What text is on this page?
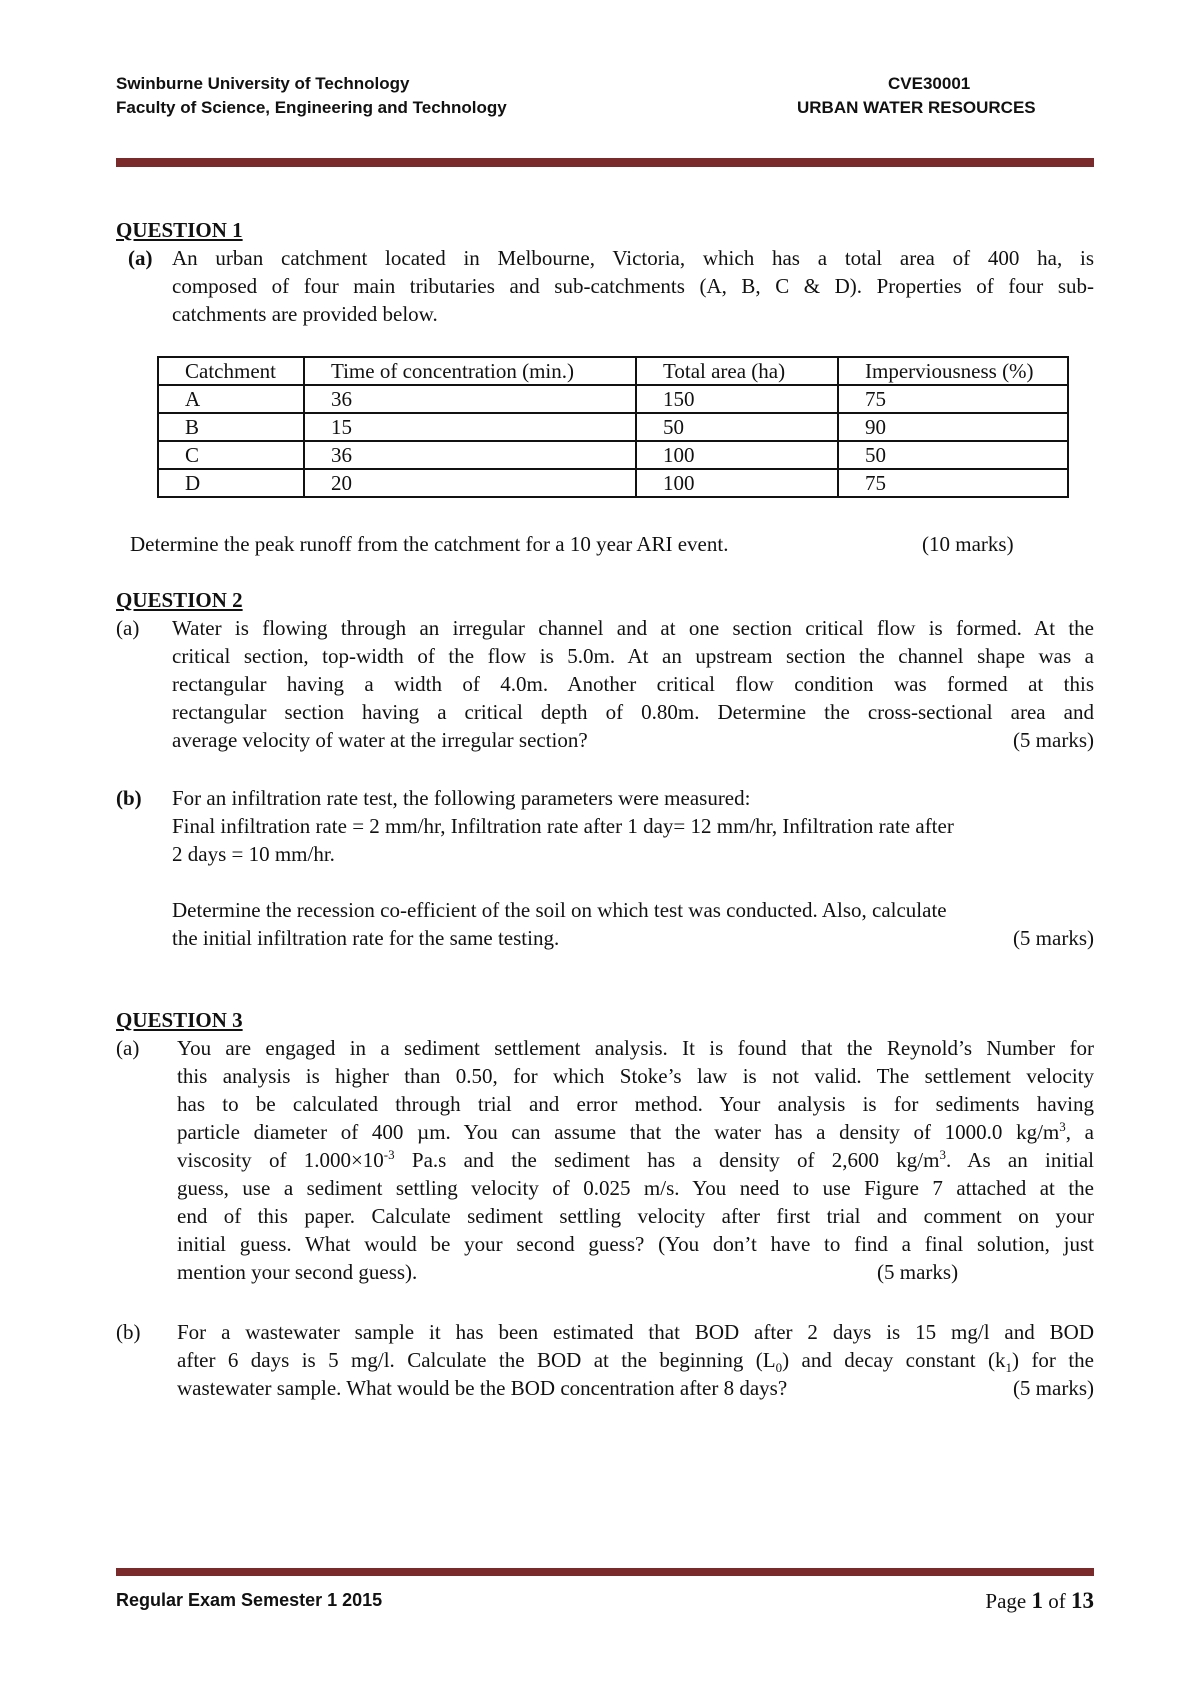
Swinburne University of Technology
Faculty of Science, Engineering and Technology
CVE30001
URBAN WATER RESOURCES
QUESTION 1
(a) An urban catchment located in Melbourne, Victoria, which has a total area of 400 ha, is
composed of four main tributaries and sub-catchments (A, B, C & D). Properties of four sub-
catchments are provided below.
Catchment	Time of concentration (min.)	Total area (ha)	Imperviousness (%)
A	36	150	75
B	15	50	90
C	36	100	50
D	20	100	75
Determine the peak runoff from the catchment for a 10 year ARI event.	(10 marks)
QUESTION 2
(a) Water is flowing through an irregular channel and at one section critical flow is formed. At the
critical section, top-width of the flow is 5.0m. At an upstream section the channel shape was a
rectangular having a width of 4.0m. Another critical flow condition was formed at this
rectangular section having a critical depth of 0.80m. Determine the cross-sectional area and
average velocity of water at the irregular section?	(5 marks)
(b) For an infiltration rate test, the following parameters were measured:
Final infiltration rate = 2 mm/hr, Infiltration rate after 1 day= 12 mm/hr, Infiltration rate after
2 days = 10 mm/hr.
Determine the recession co-efficient of the soil on which test was conducted. Also, calculate
the initial infiltration rate for the same testing.	(5 marks)
QUESTION 3
(a) You are engaged in a sediment settlement analysis. It is found that the Reynold’s Number for
this analysis is higher than 0.50, for which Stoke’s law is not valid. The settlement velocity
has to be calculated through trial and error method. Your analysis is for sediments having
particle diameter of 400 µm. You can assume that the water has a density of 1000.0 $kg/m^3$, a
viscosity of $1.000\times 10^{-3}$ Pa.s and the sediment has a density of 2,600 $kg/m^3$. As an initial
guess, use a sediment settling velocity of 0.025 m/s. You need to use Figure 7 attached at the
end of this paper. Calculate sediment settling velocity after first trial and comment on your
initial guess. What would be your second guess? (You don’t have to find a final solution, just
mention your second guess).	(5 marks)
(b) For a wastewater sample it has been estimated that BOD after 2 days is 15 mg/l and BOD
after 6 days is 5 mg/l. Calculate the BOD at the beginning $(L_0)$ and decay constant $(k_1)$ for the
wastewater sample. What would be the BOD concentration after 8 days?	(5 marks)
Regular Exam Semester 1 2015	Page 1 of 13
